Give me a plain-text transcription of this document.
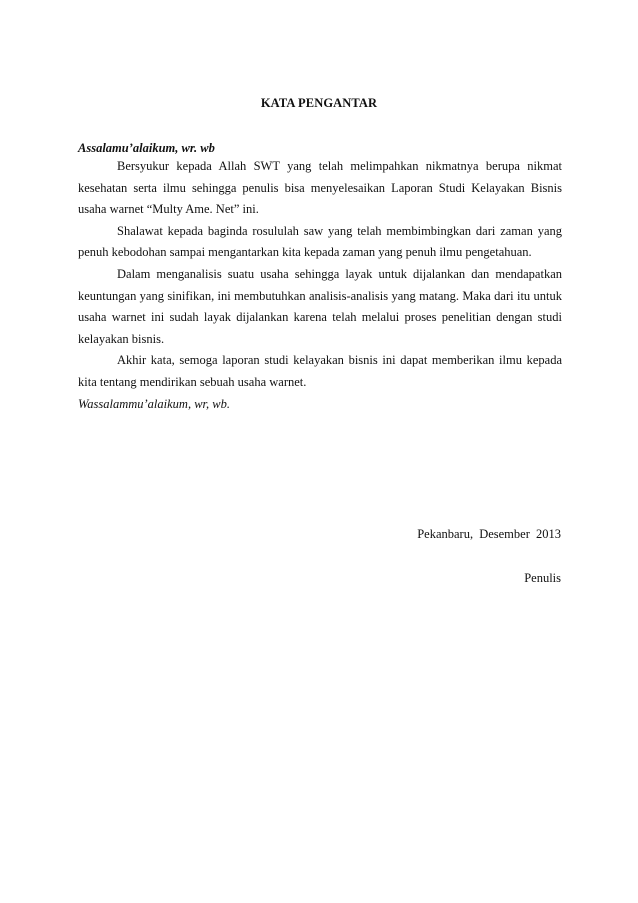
KATA PENGANTAR
Assalamu’alaikum, wr. wb

Bersyukur kepada Allah SWT yang telah melimpahkan nikmatnya berupa nikmat kesehatan serta ilmu sehingga penulis bisa menyelesaikan Laporan Studi Kelayakan Bisnis usaha warnet “Multy Ame. Net” ini.

Shalawat kepada baginda rosululah saw yang telah membimbingkan dari zaman yang penuh kebodohan sampai mengantarkan kita kepada zaman yang penuh ilmu pengetahuan.

Dalam menganalisis suatu usaha sehingga layak untuk dijalankan dan mendapatkan keuntungan yang sinifikan, ini membutuhkan analisis-analisis yang matang. Maka dari itu untuk usaha warnet ini sudah layak dijalankan karena telah melalui proses penelitian dengan studi kelayakan bisnis.

Akhir kata, semoga laporan studi kelayakan bisnis ini dapat memberikan ilmu kepada kita tentang mendirikan sebuah usaha warnet.

Wassalammu’alaikum, wr, wb.
Pekanbaru, Desember 2013
Penulis
